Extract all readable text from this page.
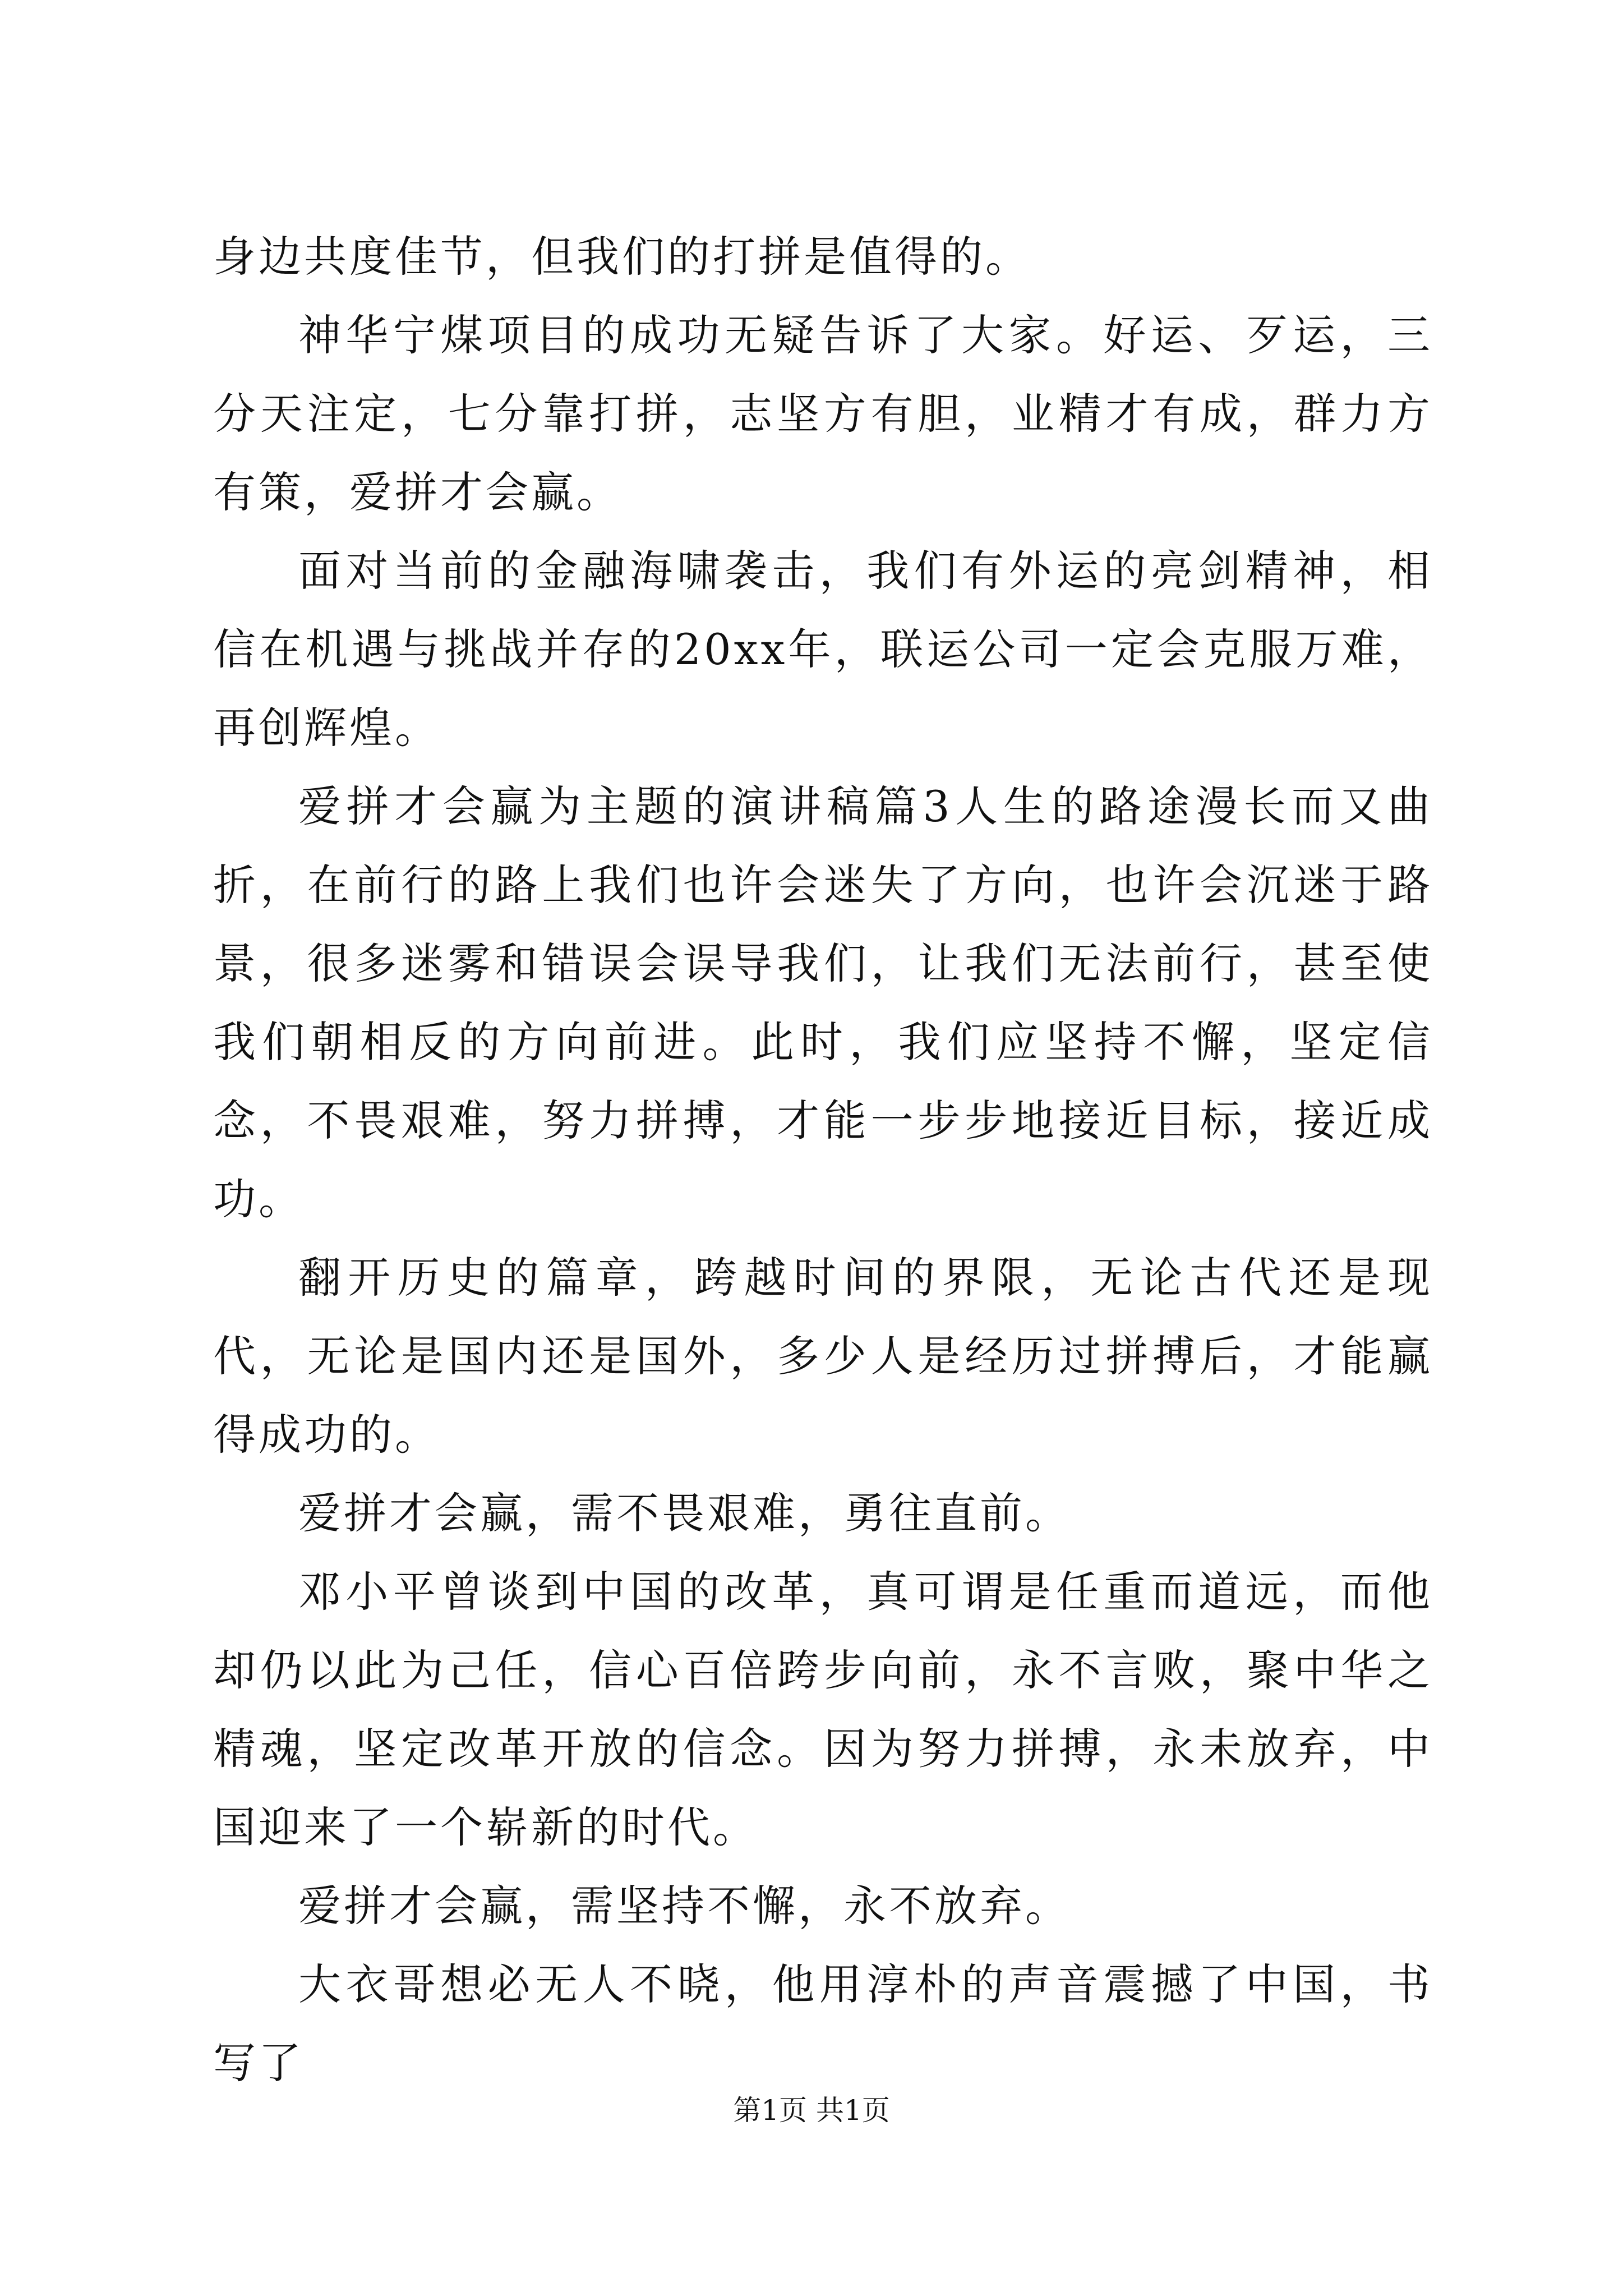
身边共度佳节，但我们的打拼是值得的。

神华宁煤项目的成功无疑告诉了大家。好运、歹运，三分天注定，七分靠打拼，志坚方有胆，业精才有成，群力方有策，爱拼才会赢。

面对当前的金融海啸袭击，我们有外运的亮剑精神，相信在机遇与挑战并存的20xx年，联运公司一定会克服万难，再创辉煌。

爱拼才会赢为主题的演讲稿篇3人生的路途漫长而又曲折，在前行的路上我们也许会迷失了方向，也许会沉迷于路景，很多迷雾和错误会误导我们，让我们无法前行，甚至使我们朝相反的方向前进。此时，我们应坚持不懈，坚定信念，不畏艰难，努力拼搏，才能一步步地接近目标，接近成功。

翻开历史的篇章，跨越时间的界限，无论古代还是现代，无论是国内还是国外，多少人是经历过拼搏后，才能赢得成功的。

爱拼才会赢，需不畏艰难，勇往直前。

邓小平曾谈到中国的改革，真可谓是任重而道远，而他却仍以此为己任，信心百倍跨步向前，永不言败，聚中华之精魂，坚定改革开放的信念。因为努力拼搏，永未放弃，中国迎来了一个崭新的时代。

爱拼才会赢，需坚持不懈，永不放弃。

大衣哥想必无人不晓，他用淳朴的声音震撼了中国，书写了

第1页 共1页
